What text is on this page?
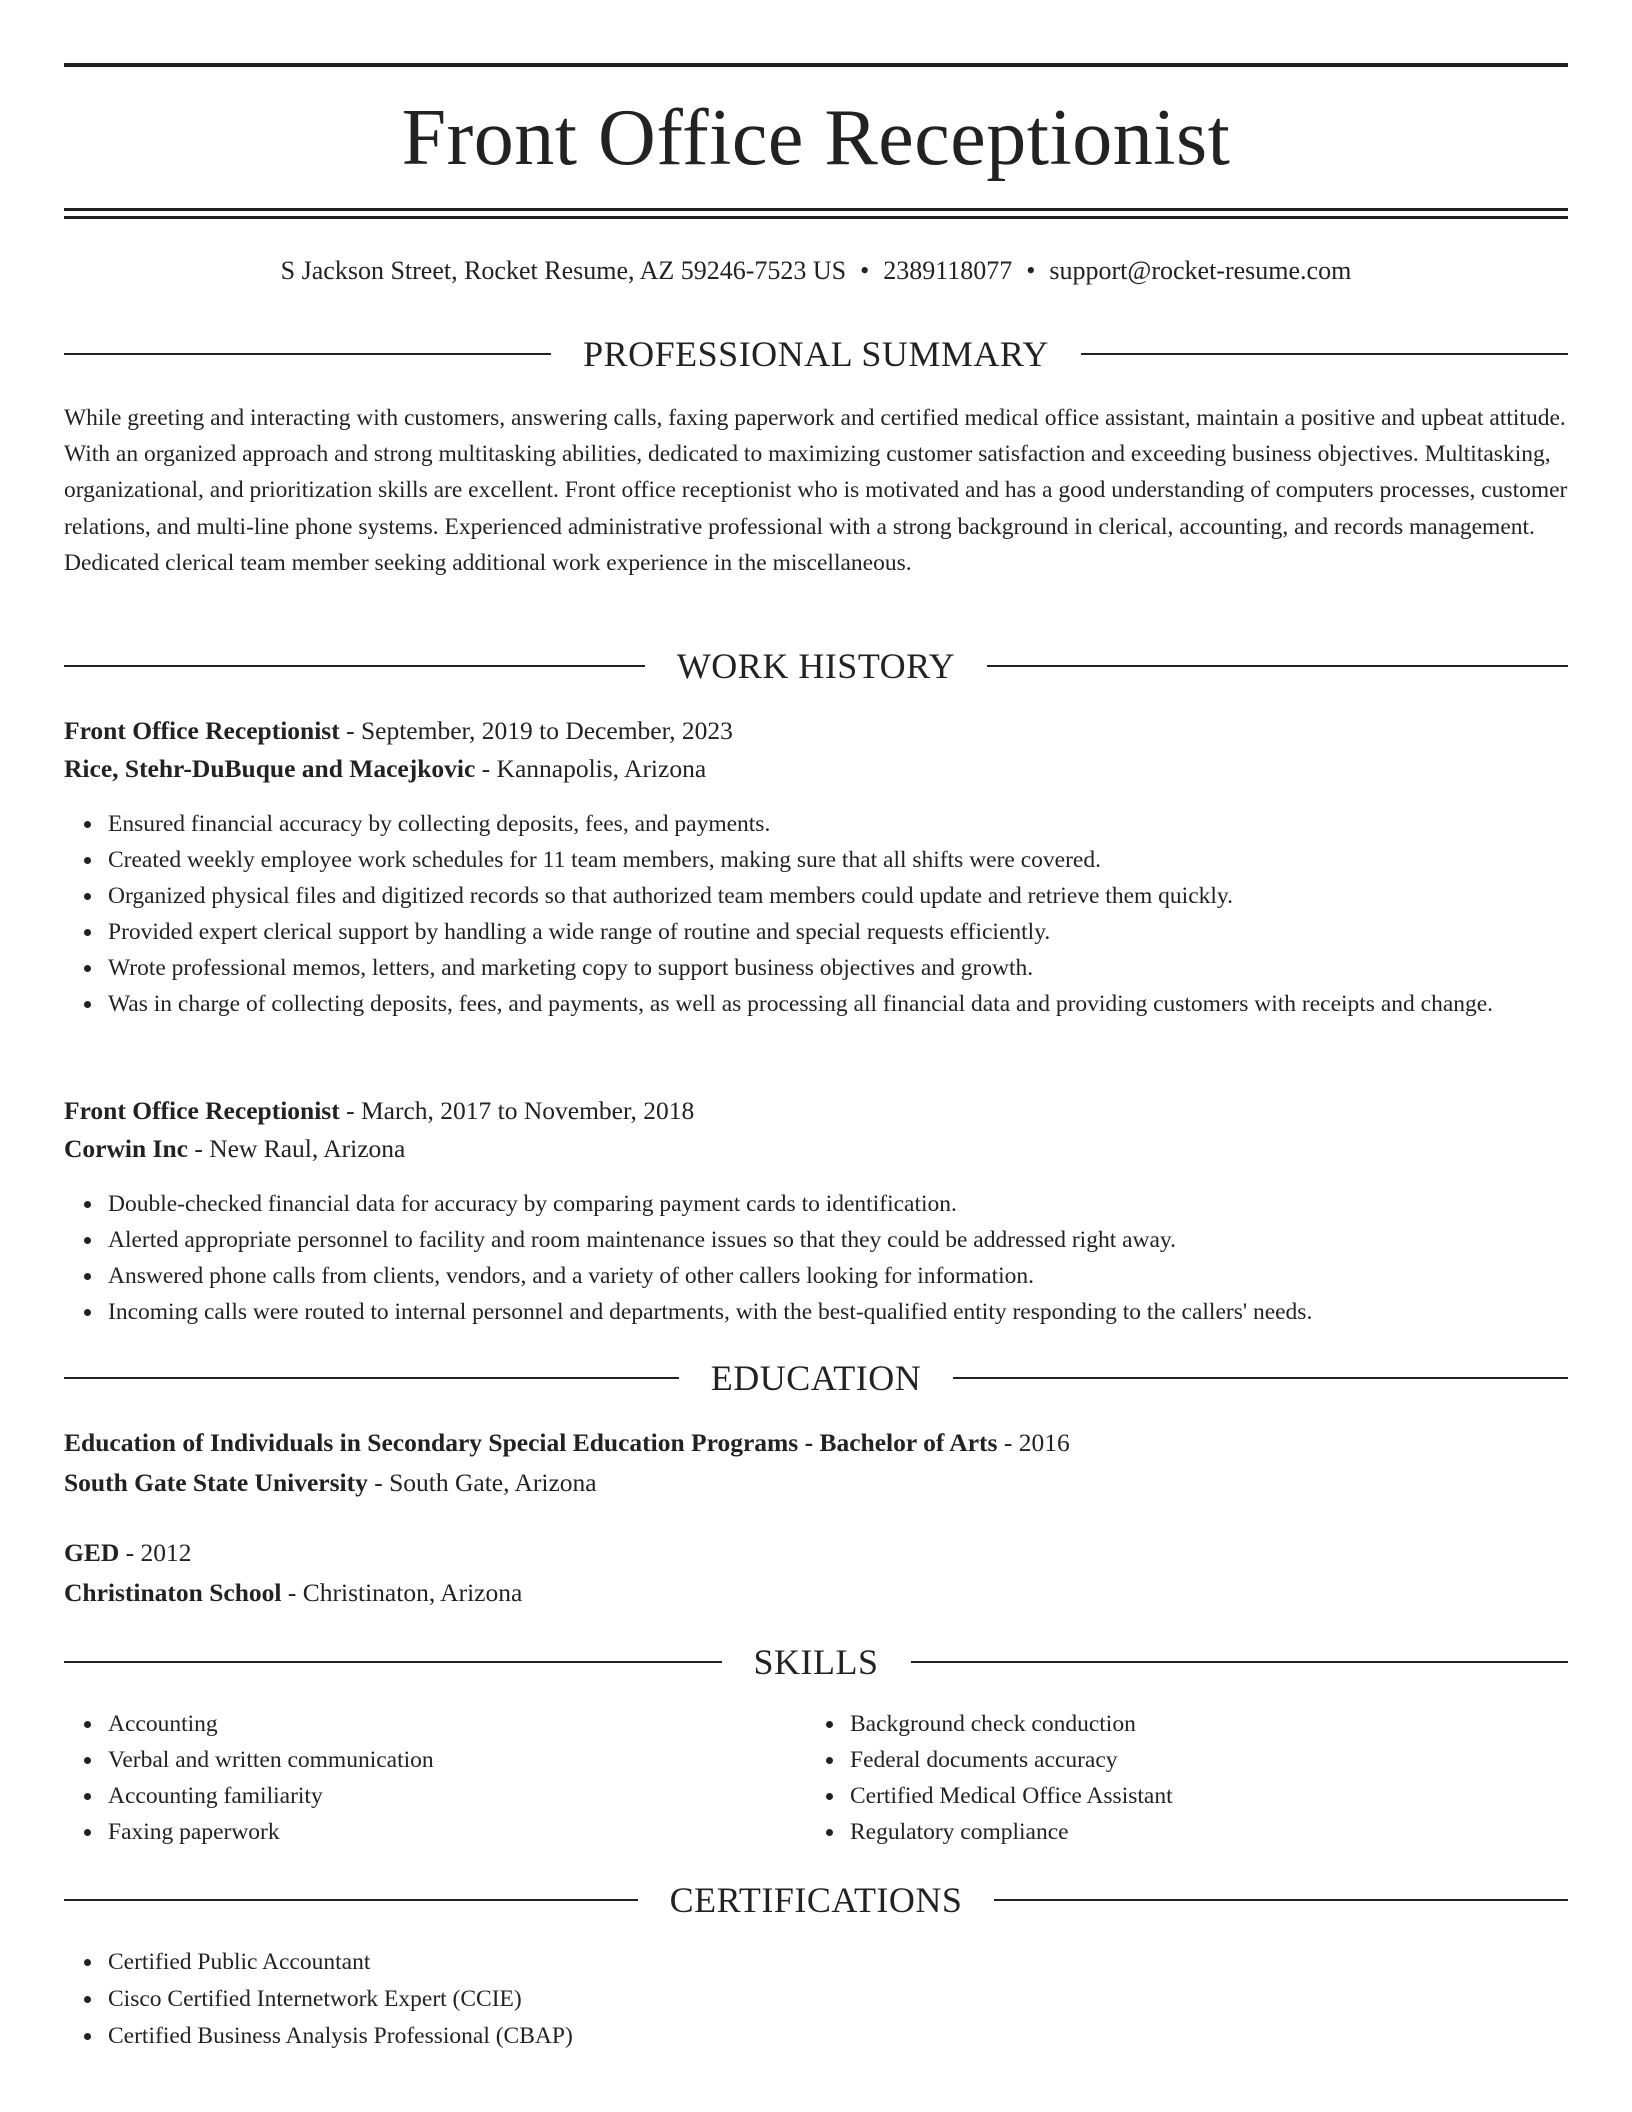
Front Office Receptionist
S Jackson Street, Rocket Resume, AZ 59246-7523 US • 2389118077 • support@rocket-resume.com
PROFESSIONAL SUMMARY

While greeting and interacting with customers, answering calls, faxing paperwork and certified medical office assistant, maintain a positive and upbeat attitude. With an organized approach and strong multitasking abilities, dedicated to maximizing customer satisfaction and exceeding business objectives. Multitasking, organizational, and prioritization skills are excellent. Front office receptionist who is motivated and has a good understanding of computers processes, customer relations, and multi-line phone systems. Experienced administrative professional with a strong background in clerical, accounting, and records management. Dedicated clerical team member seeking additional work experience in the miscellaneous.

WORK HISTORY
Front Office Receptionist - September, 2019 to December, 2023
Rice, Stehr-DuBuque and Macejkovic - Kannapolis, Arizona
Ensured financial accuracy by collecting deposits, fees, and payments.
Created weekly employee work schedules for 11 team members, making sure that all shifts were covered.
Organized physical files and digitized records so that authorized team members could update and retrieve them quickly.
Provided expert clerical support by handling a wide range of routine and special requests efficiently.
Wrote professional memos, letters, and marketing copy to support business objectives and growth.
Was in charge of collecting deposits, fees, and payments, as well as processing all financial data and providing customers with receipts and change.
Front Office Receptionist - March, 2017 to November, 2018
Corwin Inc - New Raul, Arizona
Double-checked financial data for accuracy by comparing payment cards to identification.
Alerted appropriate personnel to facility and room maintenance issues so that they could be addressed right away.
Answered phone calls from clients, vendors, and a variety of other callers looking for information.
Incoming calls were routed to internal personnel and departments, with the best-qualified entity responding to the callers' needs.
EDUCATION
Education of Individuals in Secondary Special Education Programs - Bachelor of Arts - 2016
South Gate State University - South Gate, Arizona
GED - 2012
Christinaton School - Christinaton, Arizona
SKILLS
Accounting
Verbal and written communication
Accounting familiarity
Faxing paperwork
Background check conduction
Federal documents accuracy
Certified Medical Office Assistant
Regulatory compliance
CERTIFICATIONS
Certified Public Accountant
Cisco Certified Internetwork Expert (CCIE)
Certified Business Analysis Professional (CBAP)
